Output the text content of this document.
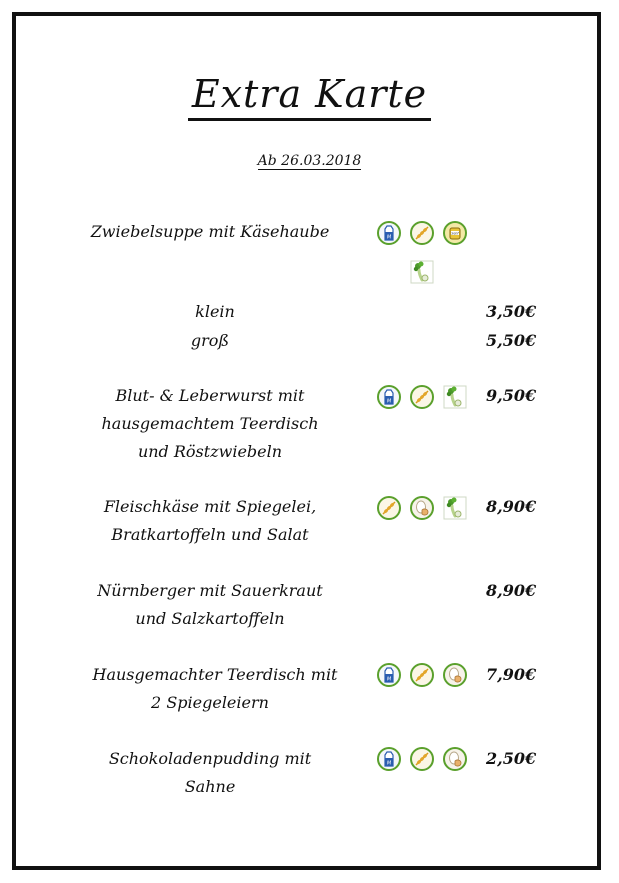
Extra Karte
Ab 26.03.2018
Zwiebelsuppe mit Käsehaube	M
Senf
klein	3,50€
groß	5,50€
Blut- & Leberwurst mit
hausgemachtem Teerdisch
und Röstzwiebeln
M	9,50€
Fleischkäse mit Spiegelei,
Bratkartoffeln und Salat
8,90€
Nürnberger mit Sauerkraut
und Salzkartoffeln
8,90€
Hausgemachter Teerdisch mit
2 Spiegeleiern
M	7,90€
Schokoladenpudding mit
Sahne
M	2,50€
